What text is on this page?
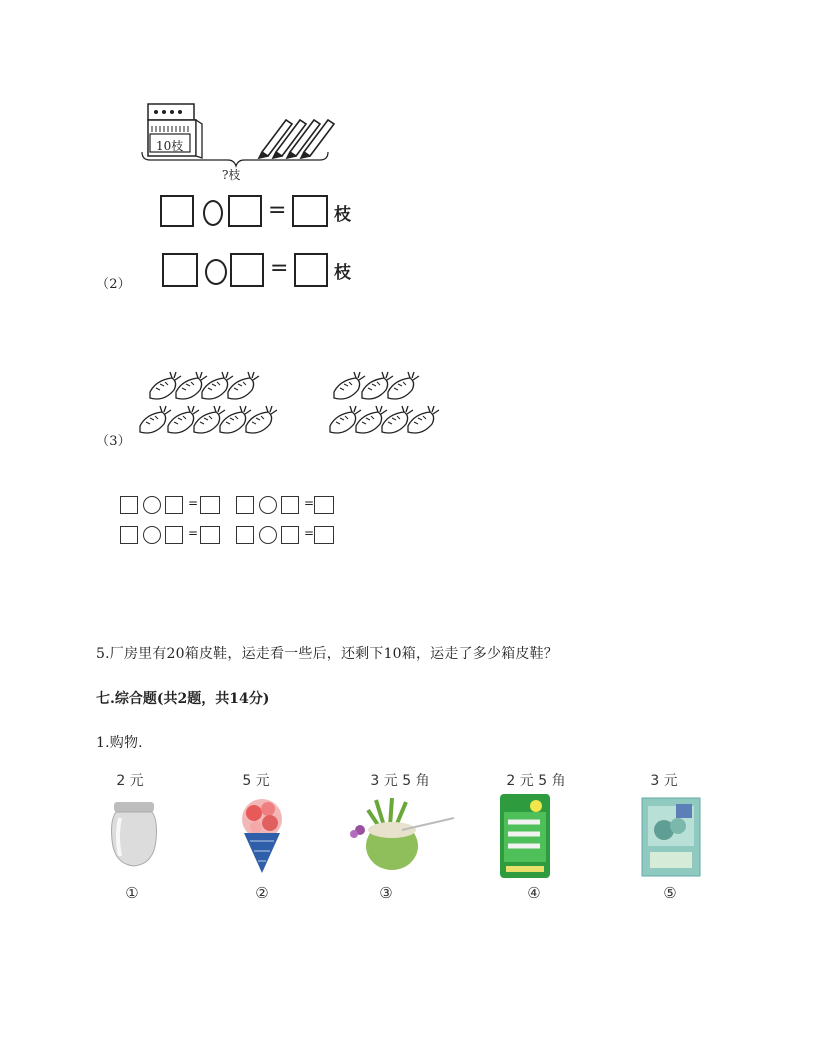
10枝
?枝
=	枝
=	枝
（2）
（3）
=	=
=	=
5.厂房里有20箱皮鞋，运走看一些后，还剩下10箱，运走了多少箱皮鞋？
七.综合题(共2题，共14分)
1.购物.
2 元	5 元	3 元 5 角	2 元 5 角	3 元
①	②	③	④	⑤
